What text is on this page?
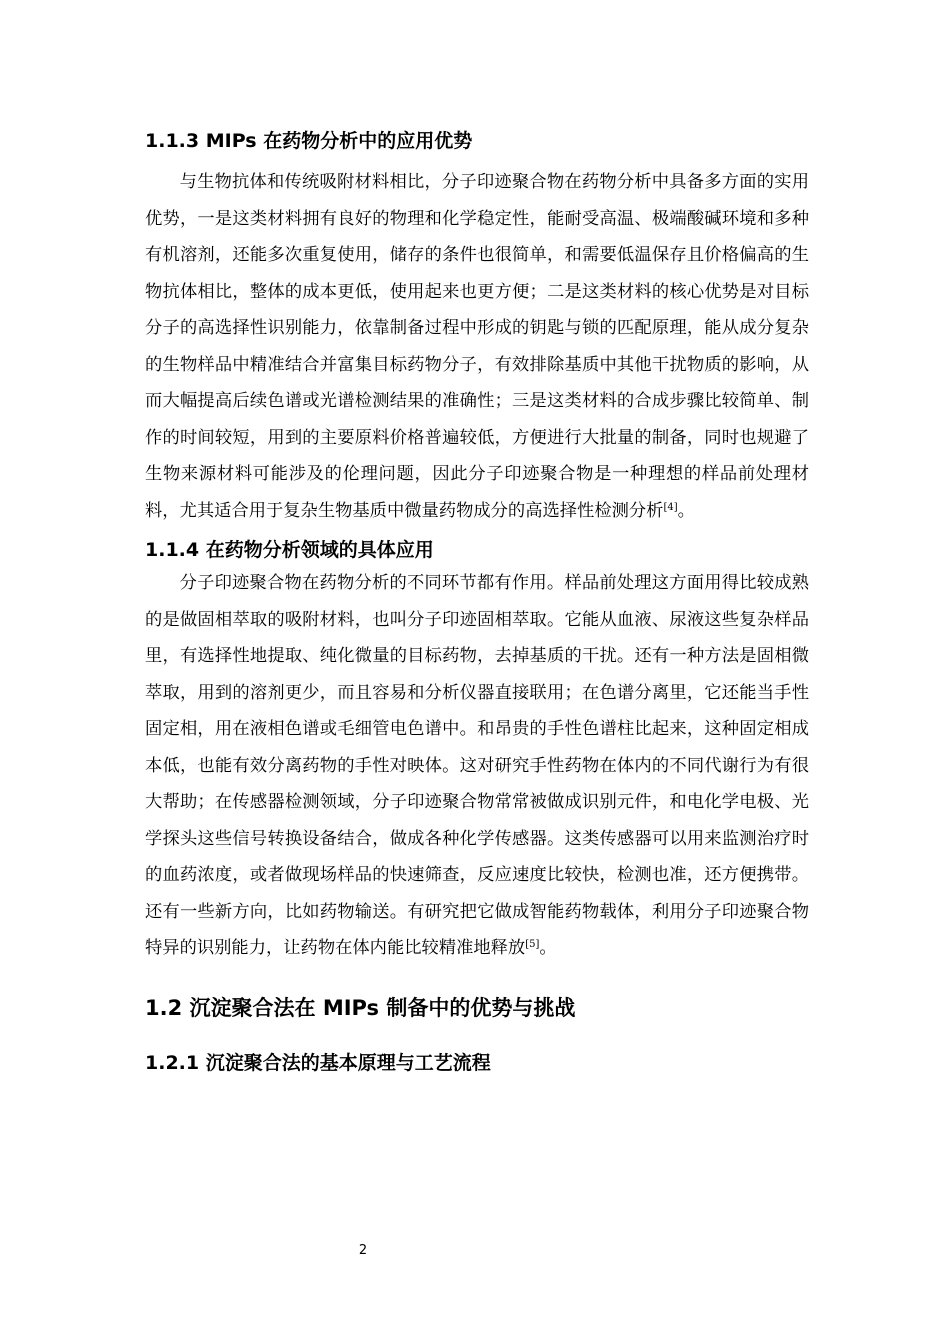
1.1.3 MIPs 在药物分析中的应用优势

与生物抗体和传统吸附材料相比，分子印迹聚合物在药物分析中具备多方面的实用优势，一是这类材料拥有良好的物理和化学稳定性，能耐受高温、极端酸碱环境和多种有机溶剂，还能多次重复使用，储存的条件也很简单，和需要低温保存且价格偏高的生物抗体相比，整体的成本更低，使用起来也更方便；二是这类材料的核心优势是对目标分子的高选择性识别能力，依靠制备过程中形成的钥匙与锁的匹配原理，能从成分复杂的生物样品中精准结合并富集目标药物分子，有效排除基质中其他干扰物质的影响，从而大幅提高后续色谱或光谱检测结果的准确性；三是这类材料的合成步骤比较简单、制作的时间较短，用到的主要原料价格普遍较低，方便进行大批量的制备，同时也规避了生物来源材料可能涉及的伦理问题，因此分子印迹聚合物是一种理想的样品前处理材料，尤其适合用于复杂生物基质中微量药物成分的高选择性检测分析[4]。

1.1.4 在药物分析领域的具体应用

分子印迹聚合物在药物分析的不同环节都有作用。样品前处理这方面用得比较成熟的是做固相萃取的吸附材料，也叫分子印迹固相萃取。它能从血液、尿液这些复杂样品里，有选择性地提取、纯化微量的目标药物，去掉基质的干扰。还有一种方法是固相微萃取，用到的溶剂更少，而且容易和分析仪器直接联用；在色谱分离里，它还能当手性固定相，用在液相色谱或毛细管电色谱中。和昂贵的手性色谱柱比起来，这种固定相成本低，也能有效分离药物的手性对映体。这对研究手性药物在体内的不同代谢行为有很大帮助；在传感器检测领域，分子印迹聚合物常常被做成识别元件，和电化学电极、光学探头这些信号转换设备结合，做成各种化学传感器。这类传感器可以用来监测治疗时的血药浓度，或者做现场样品的快速筛查，反应速度比较快，检测也准，还方便携带。还有一些新方向，比如药物输送。有研究把它做成智能药物载体，利用分子印迹聚合物特异的识别能力，让药物在体内能比较精准地释放[5]。

1.2 沉淀聚合法在 MIPs 制备中的优势与挑战
1.2.1 沉淀聚合法的基本原理与工艺流程
2
